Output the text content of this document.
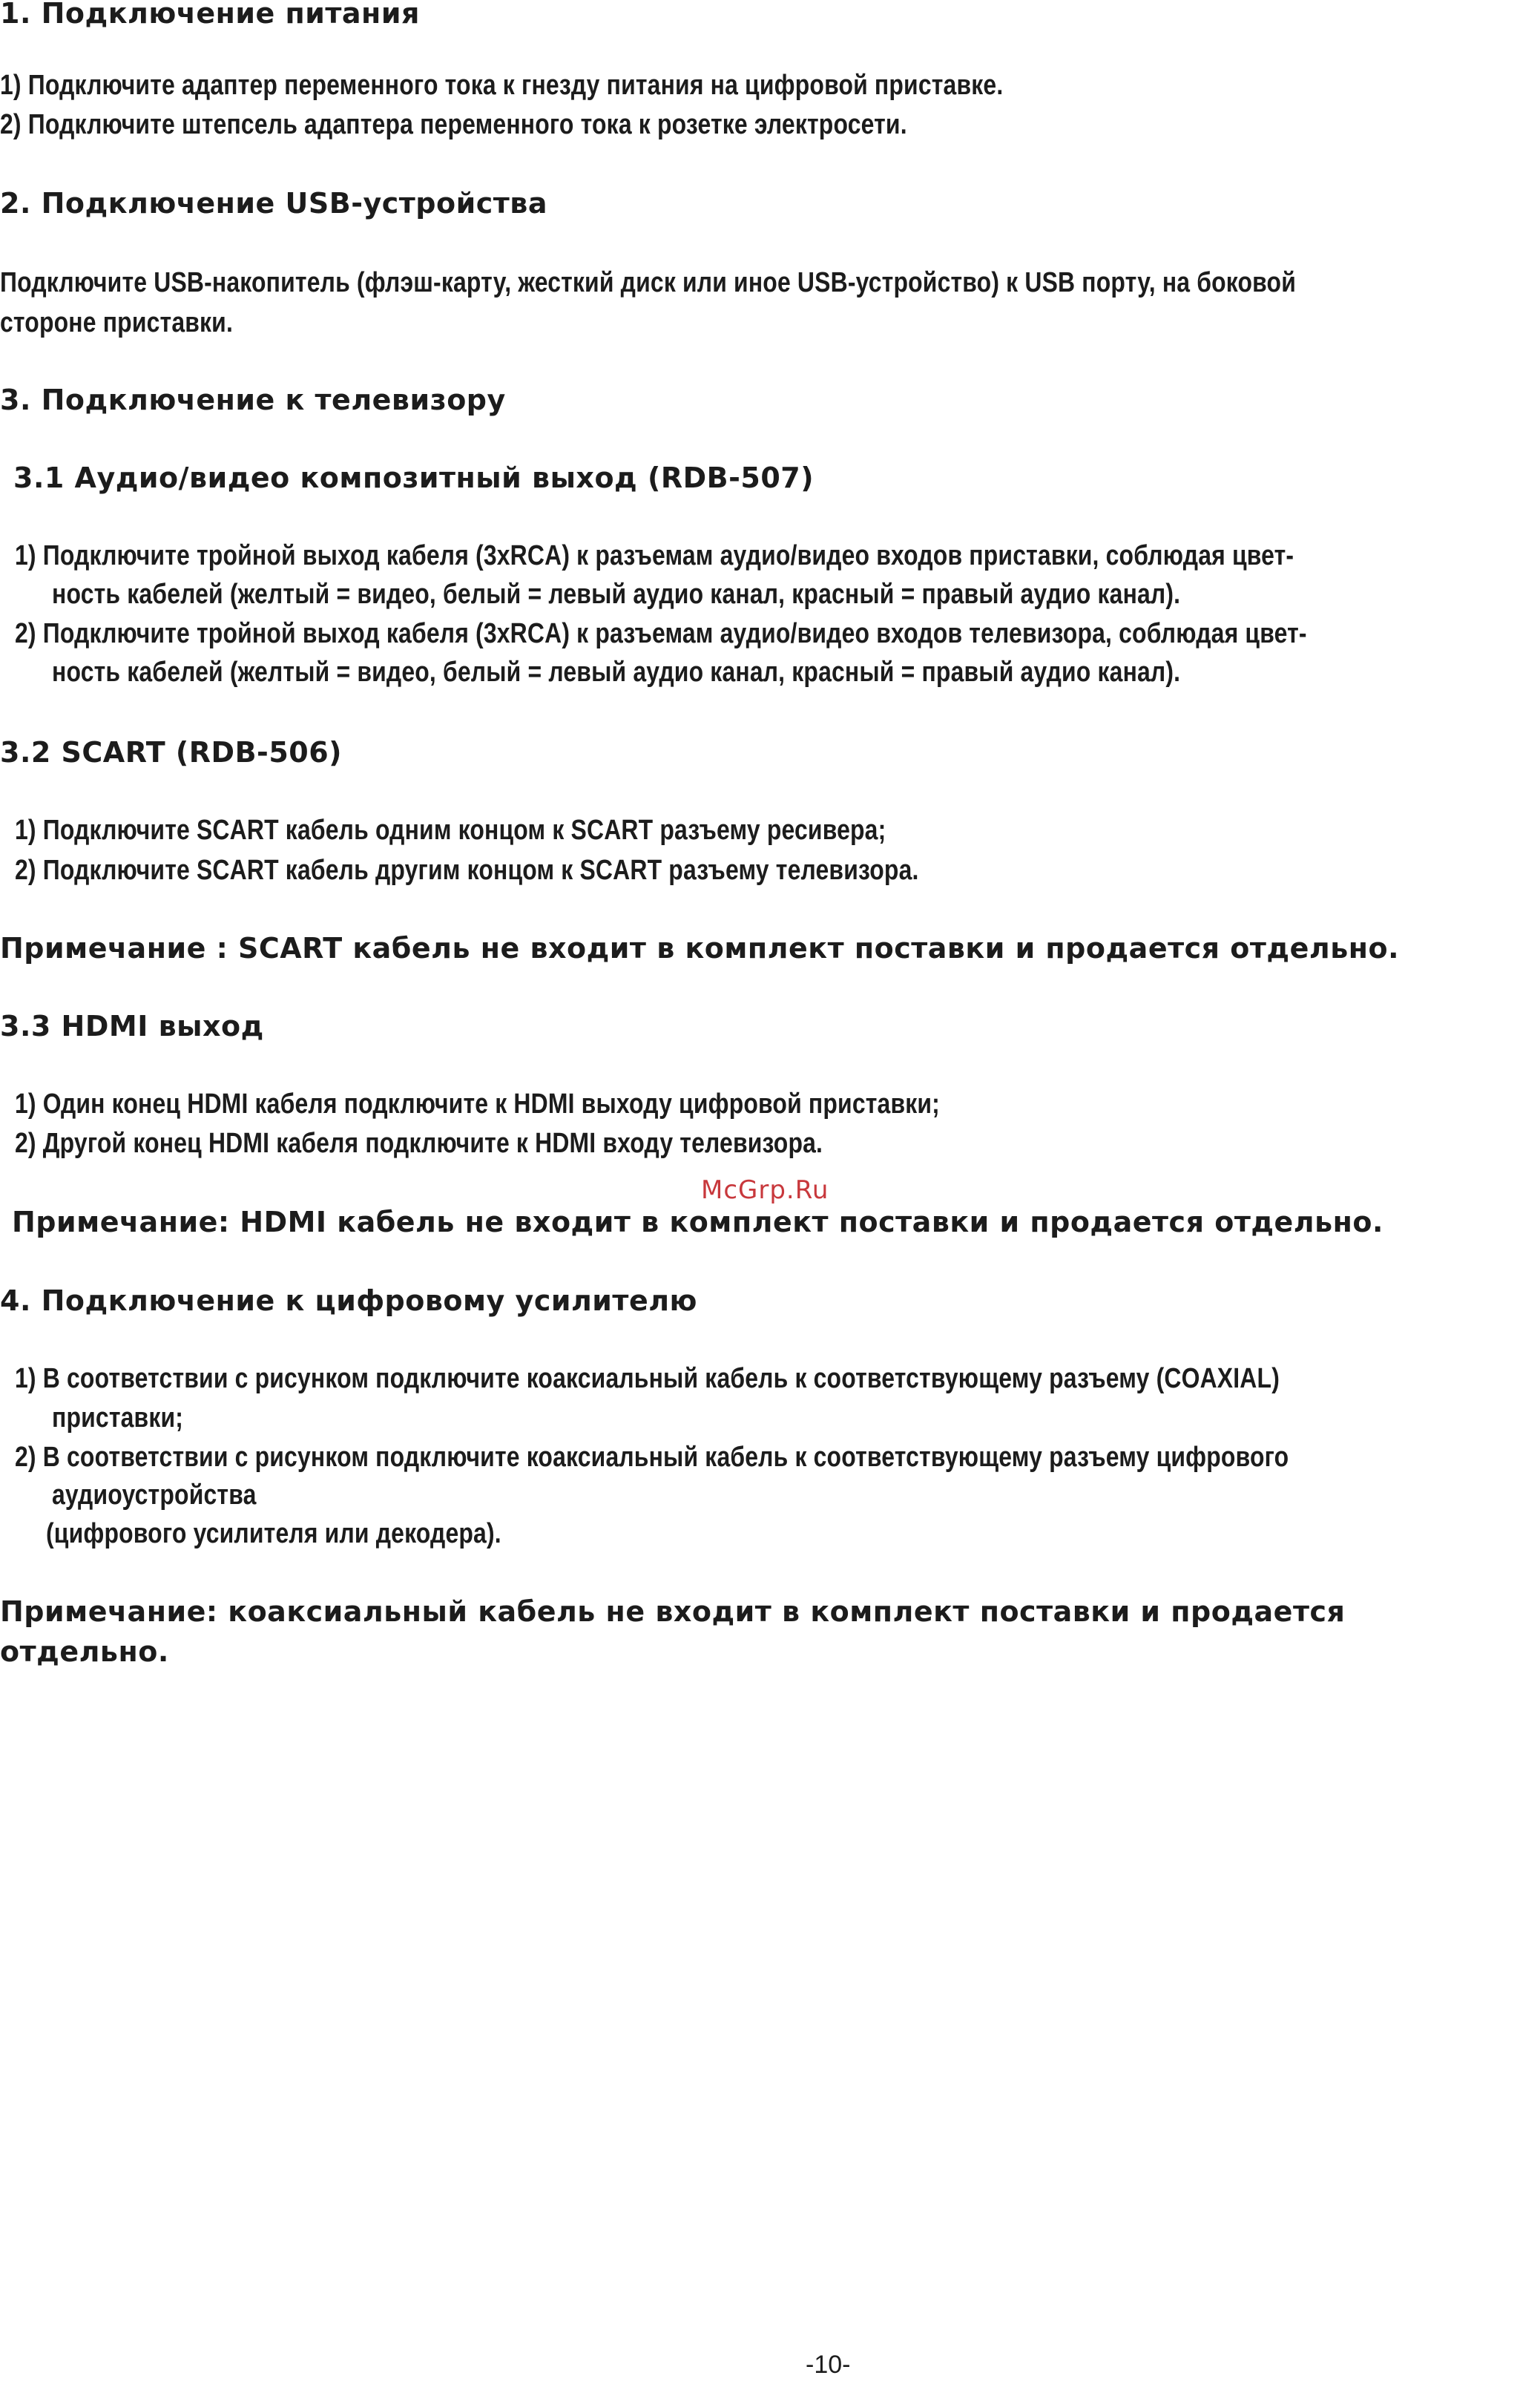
1. Подключение питания
1) Подключите адаптер переменного тока к гнезду питания на цифровой приставке.
2) Подключите штепсель адаптера переменного тока к розетке электросети.
2. Подключение USB-устройства
Подключите USB-накопитель (флэш-карту, жесткий диск или иное USB-устройство) к USB порту, на боковой
стороне приставки.
3. Подключение к телевизору
3.1 Аудио/видео композитный выход (RDB-507)
1) Подключите тройной выход кабеля (3xRCA) к разъемам аудио/видео входов приставки, соблюдая цвет-
ность кабелей (желтый = видео, белый = левый аудио канал, красный = правый аудио канал).
2) Подключите тройной выход кабеля (3xRCA) к разъемам аудио/видео входов телевизора, соблюдая цвет-
ность кабелей (желтый = видео, белый = левый аудио канал, красный = правый аудио канал).
3.2 SCART (RDB-506)
1) Подключите SCART кабель одним концом к SCART разъему ресивера;
2) Подключите SCART кабель другим концом к SCART разъему телевизора.
Примечание : SCART кабель не входит в комплект поставки и продается отдельно.
3.3 HDMI выход
1) Один конец HDMI кабеля подключите к HDMI выходу цифровой приставки;
2) Другой конец HDMI кабеля подключите к HDMI входу телевизора.
McGrp.Ru
Примечание: HDMI кабель не входит в комплект поставки и продается отдельно.
4. Подключение к цифровому усилителю
1) В соответствии с рисунком подключите коаксиальный кабель к соответствующему разъему (COAXIAL)
приставки;
2) В соответствии с рисунком подключите коаксиальный кабель к соответствующему разъему цифрового
аудиоустройства
(цифрового усилителя или декодера).
Примечание: коаксиальный кабель не входит в комплект поставки и продается
отдельно.
-10-
